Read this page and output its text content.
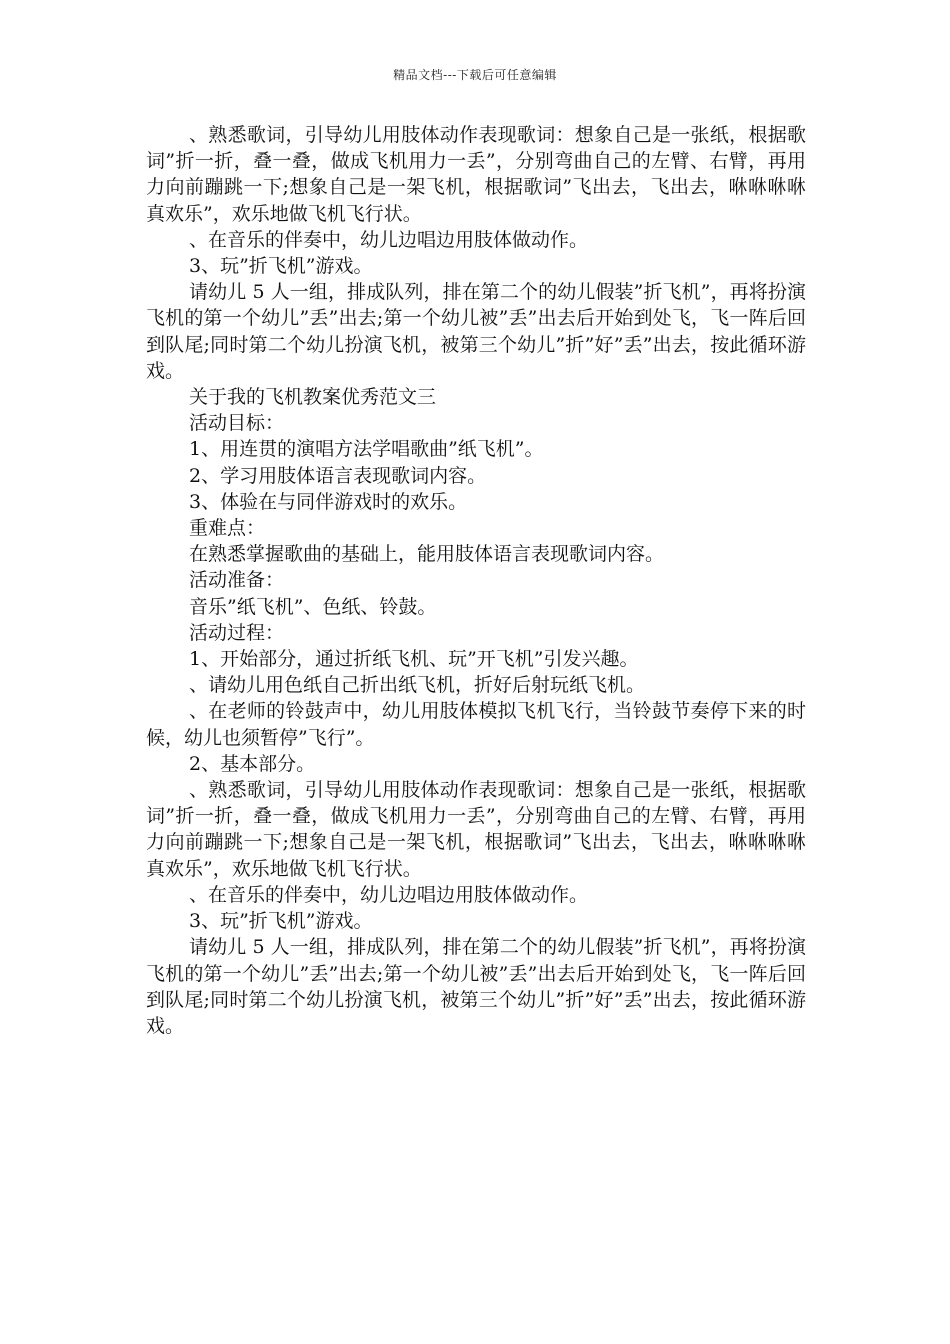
精品文档---下载后可任意编辑

、熟悉歌词，引导幼儿用肢体动作表现歌词：想象自己是一张纸，根据歌词”折一折，叠一叠，做成飞机用力一丢”，分别弯曲自己的左臂、右臂，再用力向前蹦跳一下;想象自己是一架飞机，根据歌词”飞出去，飞出去，咻咻咻咻真欢乐”，欢乐地做飞机飞行状。

、在音乐的伴奏中，幼儿边唱边用肢体做动作。

3、玩”折飞机”游戏。

请幼儿 5 人一组，排成队列，排在第二个的幼儿假装”折飞机”，再将扮演飞机的第一个幼儿”丢”出去;第一个幼儿被”丢”出去后开始到处飞，飞一阵后回到队尾;同时第二个幼儿扮演飞机，被第三个幼儿”折”好”丢”出去，按此循环游戏。

关于我的飞机教案优秀范文三

活动目标：

1、用连贯的演唱方法学唱歌曲”纸飞机”。

2、学习用肢体语言表现歌词内容。

3、体验在与同伴游戏时的欢乐。

重难点：

在熟悉掌握歌曲的基础上，能用肢体语言表现歌词内容。

活动准备：

音乐”纸飞机”、色纸、铃鼓。

活动过程：

1、开始部分，通过折纸飞机、玩”开飞机”引发兴趣。

、请幼儿用色纸自己折出纸飞机，折好后射玩纸飞机。

、在老师的铃鼓声中，幼儿用肢体模拟飞机飞行，当铃鼓节奏停下来的时候，幼儿也须暂停”飞行”。

2、基本部分。

、熟悉歌词，引导幼儿用肢体动作表现歌词：想象自己是一张纸，根据歌词”折一折，叠一叠，做成飞机用力一丢”，分别弯曲自己的左臂、右臂，再用力向前蹦跳一下;想象自己是一架飞机，根据歌词”飞出去，飞出去，咻咻咻咻真欢乐”，欢乐地做飞机飞行状。

、在音乐的伴奏中，幼儿边唱边用肢体做动作。

3、玩”折飞机”游戏。

请幼儿 5 人一组，排成队列，排在第二个的幼儿假装”折飞机”，再将扮演飞机的第一个幼儿”丢”出去;第一个幼儿被”丢”出去后开始到处飞，飞一阵后回到队尾;同时第二个幼儿扮演飞机，被第三个幼儿”折”好”丢”出去，按此循环游戏。
